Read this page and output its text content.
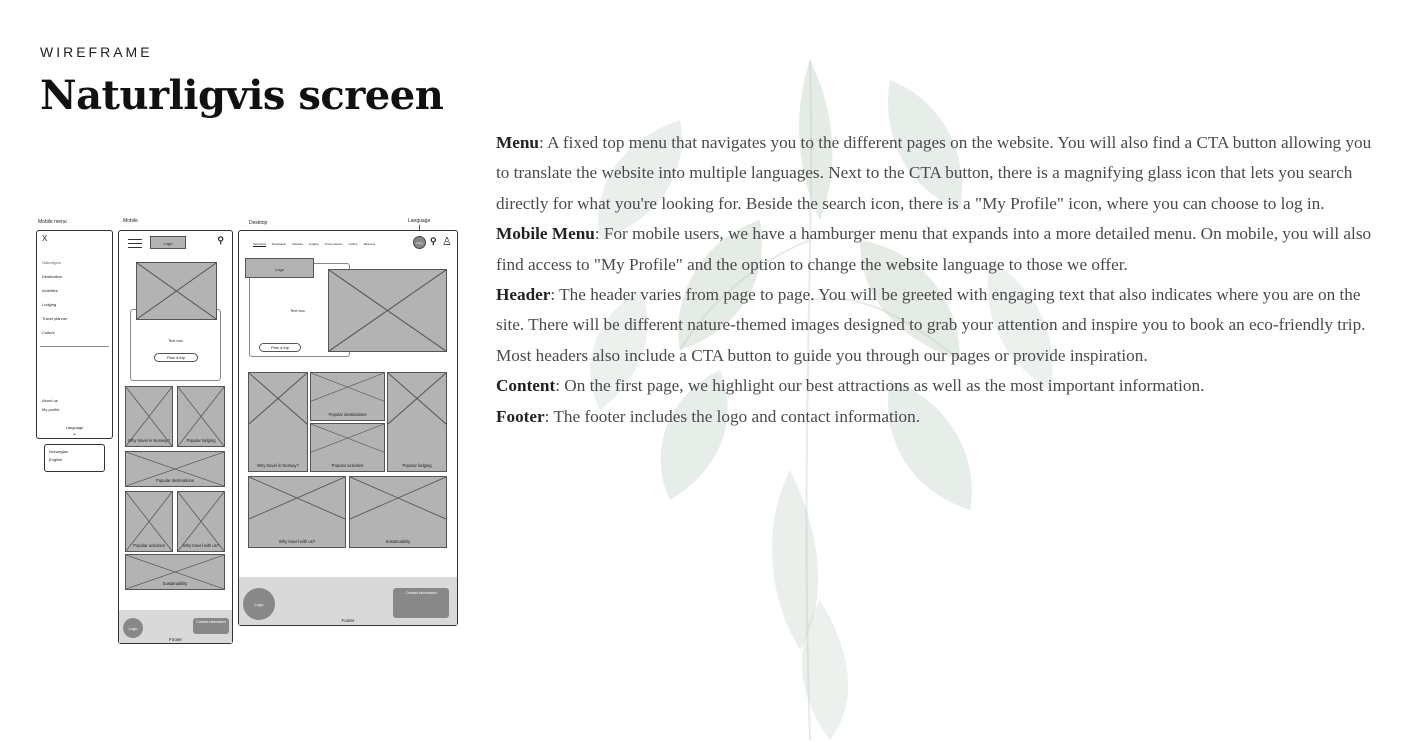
WIREFRAME
Naturligvis screen
Menu: A fixed top menu that navigates you to the different pages on the website. You will also find a CTA button allowing you to translate the website into multiple languages. Next to the CTA button, there is a magnifying glass icon that lets you search directly for what you're looking for. Beside the search icon, there is a "My Profile" icon, where you can choose to log in.
Mobile Menu: For mobile users, we have a hamburger menu that expands into a more detailed menu. On mobile, you will also find access to "My Profile" and the option to change the website language to those we offer.
Header: The header varies from page to page. You will be greeted with engaging text that also indicates where you are on the site. There will be different nature-themed images designed to grab your attention and inspire you to book an eco-friendly trip. Most headers also include a CTA button to guide you through our pages or provide inspiration.
Content: On the first page, we highlight our best attractions as well as the most important information.
Footer: The footer includes the logo and contact information.
Mobile menu
X
Naturligvis
Destination
Activities
Lodging
Travel planner
Culture
About us
My profile
Language
⌄
Norwegian
English
Mobile
Logo	⚲
Text box
Plan a trip
Why travel in Norway?	Popular lodging
Popular destinations
Popular activities	Why travel with us?
Sustainability
Logo
Contact information
Footer
Desktop	Language
Naturligvis Destination activities Lodging Travel planner Culture Welcome	Lang ⚲ ♙
Text box
Plan a trip
Logo
Why travel in Norway?
Popular destinations
Popular activities	Popular lodging
Why travel with us?	Sustainability
Logo
Contact information
Footer
